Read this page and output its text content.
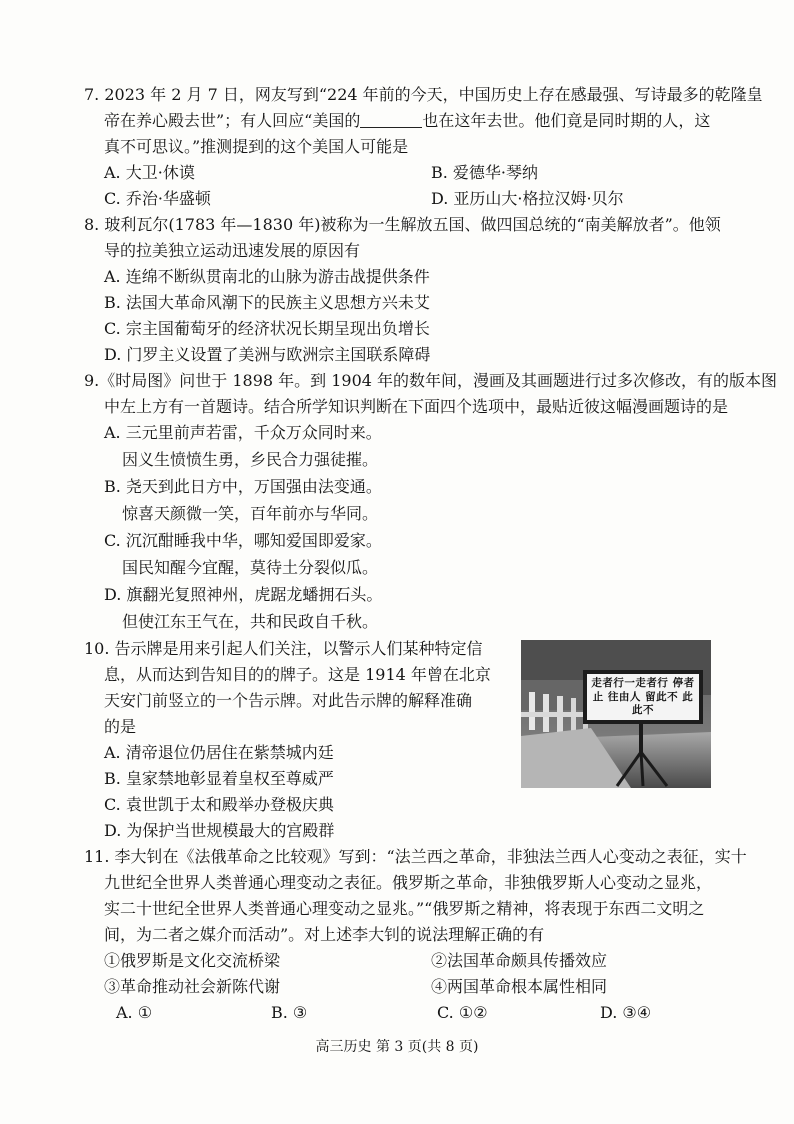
7. 2023 年 2 月 7 日，网友写到“224 年前的今天，中国历史上存在感最强、写诗最多的乾隆皇
帝在养心殿去世”；有人回应“美国的	也在这年去世。他们竟是同时期的人，这
真不可思议。”推测提到的这个美国人可能是
A. 大卫·休谟	B. 爱德华·琴纳
C. 乔治·华盛顿	D. 亚历山大·格拉汉姆·贝尔
8. 玻利瓦尔(1783 年—1830 年)被称为一生解放五国、做四国总统的“南美解放者”。他领
导的拉美独立运动迅速发展的原因有
A. 连绵不断纵贯南北的山脉为游击战提供条件
B. 法国大革命风潮下的民族主义思想方兴未艾
C. 宗主国葡萄牙的经济状况长期呈现出负增长
D. 门罗主义设置了美洲与欧洲宗主国联系障碍
9.《时局图》问世于 1898 年。到 1904 年的数年间，漫画及其画题进行过多次修改，有的版本图
中左上方有一首题诗。结合所学知识判断在下面四个选项中，最贴近彼这幅漫画题诗的是
A. 三元里前声若雷，千众万众同时来。
因义生愤愤生勇，乡民合力强徒摧。
B. 尧天到此日方中，万国强由法变通。
惊喜天颜微一笑，百年前亦与华同。
C. 沉沉酣睡我中华，哪知爱国即爱家。
国民知醒今宜醒，莫待土分裂似瓜。
D. 旗翻光复照神州，虎踞龙蟠拥石头。
但使江东王气在，共和民政自千秋。
10. 告示牌是用来引起人们关注，以警示人们某种特定信
息，从而达到告知目的的牌子。这是 1914 年曾在北京
天安门前竖立的一个告示牌。对此告示牌的解释准确
的是
A. 清帝退位仍居住在紫禁城内廷
B. 皇家禁地彰显着皇权至尊威严
C. 袁世凯于太和殿举办登极庆典
D. 为保护当世规模最大的宫殿群
走者行一走者行 停者止 往由人 留此不 此此不
11. 李大钊在《法俄革命之比较观》写到：“法兰西之革命，非独法兰西人心变动之表征，实十
九世纪全世界人类普通心理变动之表征。俄罗斯之革命，非独俄罗斯人心变动之显兆，
实二十世纪全世界人类普通心理变动之显兆。”“俄罗斯之精神，将表现于东西二文明之
间，为二者之媒介而活动”。对上述李大钊的说法理解正确的有
①俄罗斯是文化交流桥梁	②法国革命颇具传播效应
③革命推动社会新陈代谢	④两国革命根本属性相同
A. ①	B. ③	C. ①②	D. ③④
高三历史 第 3 页(共 8 页)
